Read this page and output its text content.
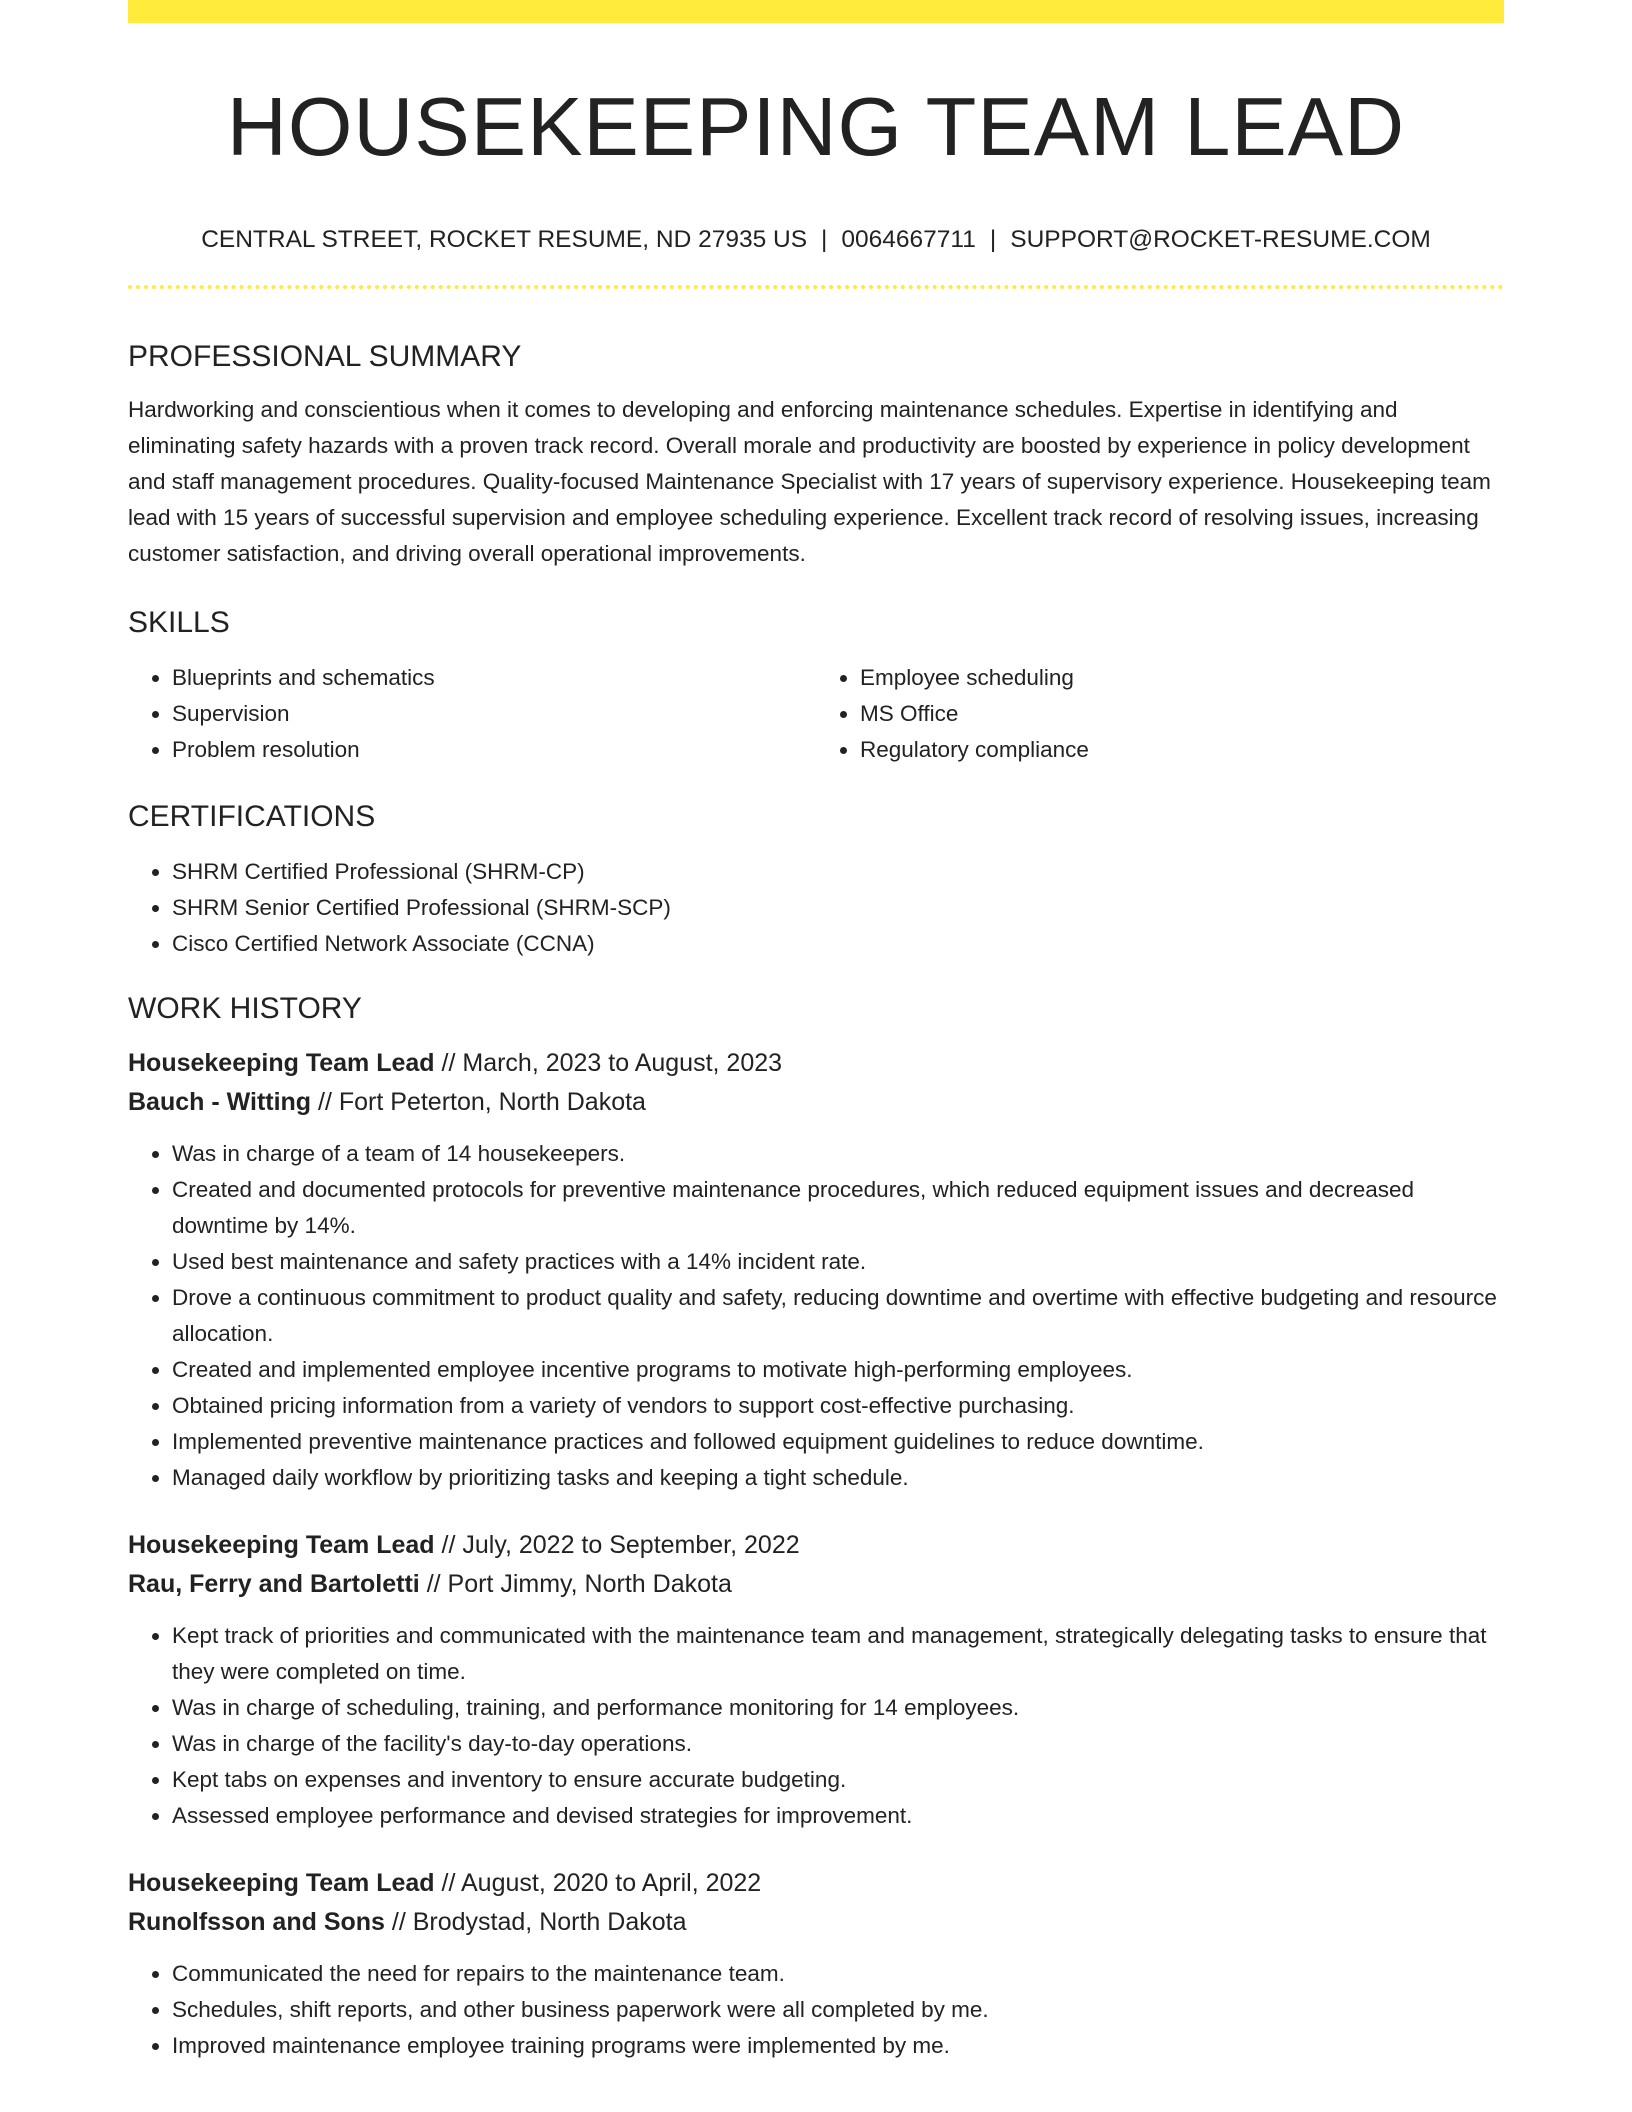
HOUSEKEEPING TEAM LEAD
CENTRAL STREET, ROCKET RESUME, ND 27935 US | 0064667711 | SUPPORT@ROCKET-RESUME.COM
PROFESSIONAL SUMMARY
Hardworking and conscientious when it comes to developing and enforcing maintenance schedules. Expertise in identifying and eliminating safety hazards with a proven track record. Overall morale and productivity are boosted by experience in policy development and staff management procedures. Quality-focused Maintenance Specialist with 17 years of supervisory experience. Housekeeping team lead with 15 years of successful supervision and employee scheduling experience. Excellent track record of resolving issues, increasing customer satisfaction, and driving overall operational improvements.
SKILLS
• Blueprints and schematics
• Supervision
• Problem resolution
• Employee scheduling
• MS Office
• Regulatory compliance
CERTIFICATIONS
• SHRM Certified Professional (SHRM-CP)
• SHRM Senior Certified Professional (SHRM-SCP)
• Cisco Certified Network Associate (CCNA)
WORK HISTORY
Housekeeping Team Lead // March, 2023 to August, 2023
Bauch - Witting // Fort Peterton, North Dakota
• Was in charge of a team of 14 housekeepers.
• Created and documented protocols for preventive maintenance procedures, which reduced equipment issues and decreased downtime by 14%.
• Used best maintenance and safety practices with a 14% incident rate.
• Drove a continuous commitment to product quality and safety, reducing downtime and overtime with effective budgeting and resource allocation.
• Created and implemented employee incentive programs to motivate high-performing employees.
• Obtained pricing information from a variety of vendors to support cost-effective purchasing.
• Implemented preventive maintenance practices and followed equipment guidelines to reduce downtime.
• Managed daily workflow by prioritizing tasks and keeping a tight schedule.
Housekeeping Team Lead // July, 2022 to September, 2022
Rau, Ferry and Bartoletti // Port Jimmy, North Dakota
• Kept track of priorities and communicated with the maintenance team and management, strategically delegating tasks to ensure that they were completed on time.
• Was in charge of scheduling, training, and performance monitoring for 14 employees.
• Was in charge of the facility's day-to-day operations.
• Kept tabs on expenses and inventory to ensure accurate budgeting.
• Assessed employee performance and devised strategies for improvement.
Housekeeping Team Lead // August, 2020 to April, 2022
Runolfsson and Sons // Brodystad, North Dakota
• Communicated the need for repairs to the maintenance team.
• Schedules, shift reports, and other business paperwork were all completed by me.
• Improved maintenance employee training programs were implemented by me.
